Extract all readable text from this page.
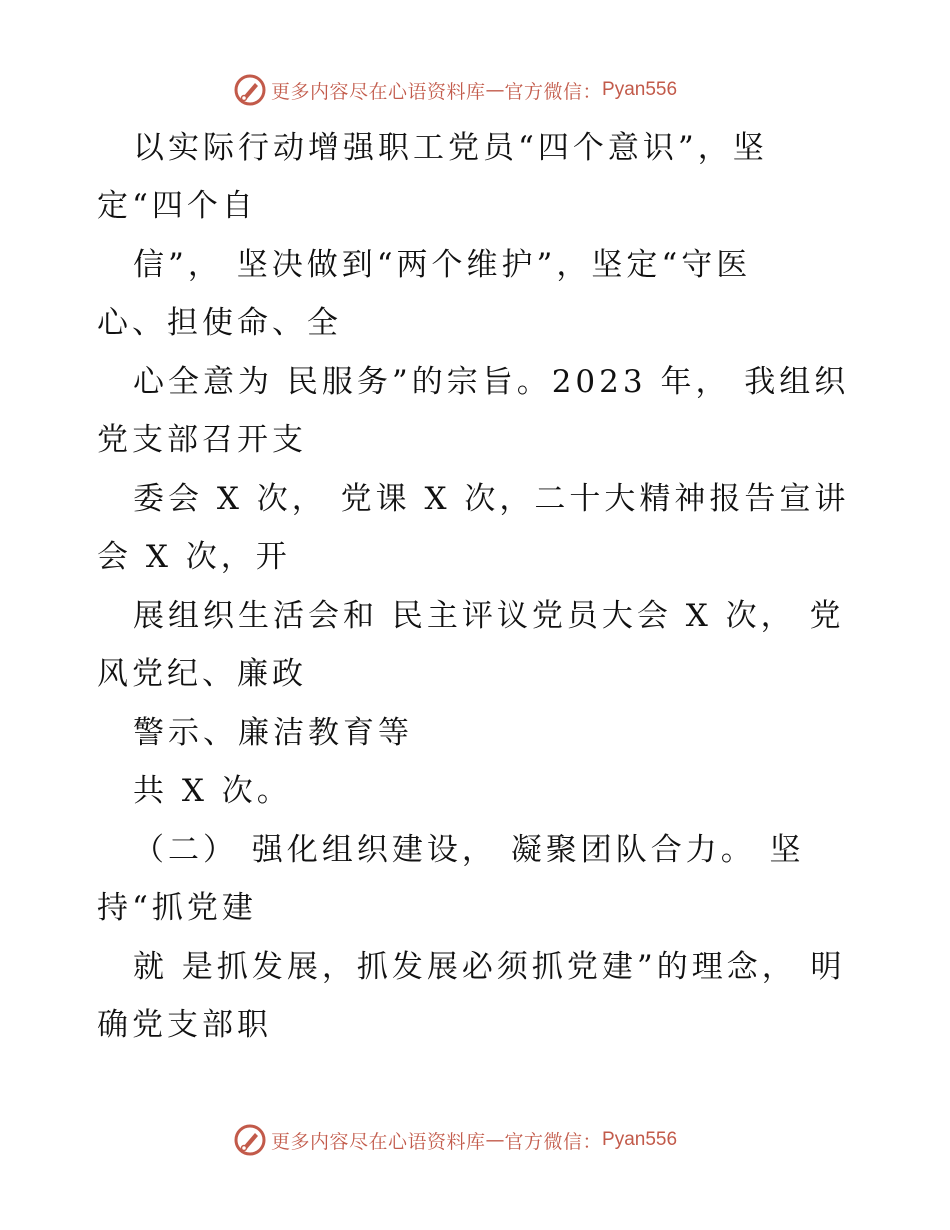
更多内容尽在心语资料库 — 官方微信： Pyan556
以实际行动增强职工党员“四个意识”，坚
定“四个自
信”， 坚决做到“两个维护”，坚定“守医
心、担使命、全
心全意为 民服务”的宗旨。2023 年， 我组织
党支部召开支
委会 X 次， 党课 X 次，二十大精神报告宣讲
会 X 次，开
展组织生活会和 民主评议党员大会 X 次， 党
风党纪、廉政
警示、廉洁教育等
共 X 次。
（二） 强化组织建设， 凝聚团队合力。 坚
持“抓党建
就 是抓发展，抓发展必须抓党建”的理念， 明
确党支部职
更多内容尽在心语资料库 — 官方微信： Pyan556
